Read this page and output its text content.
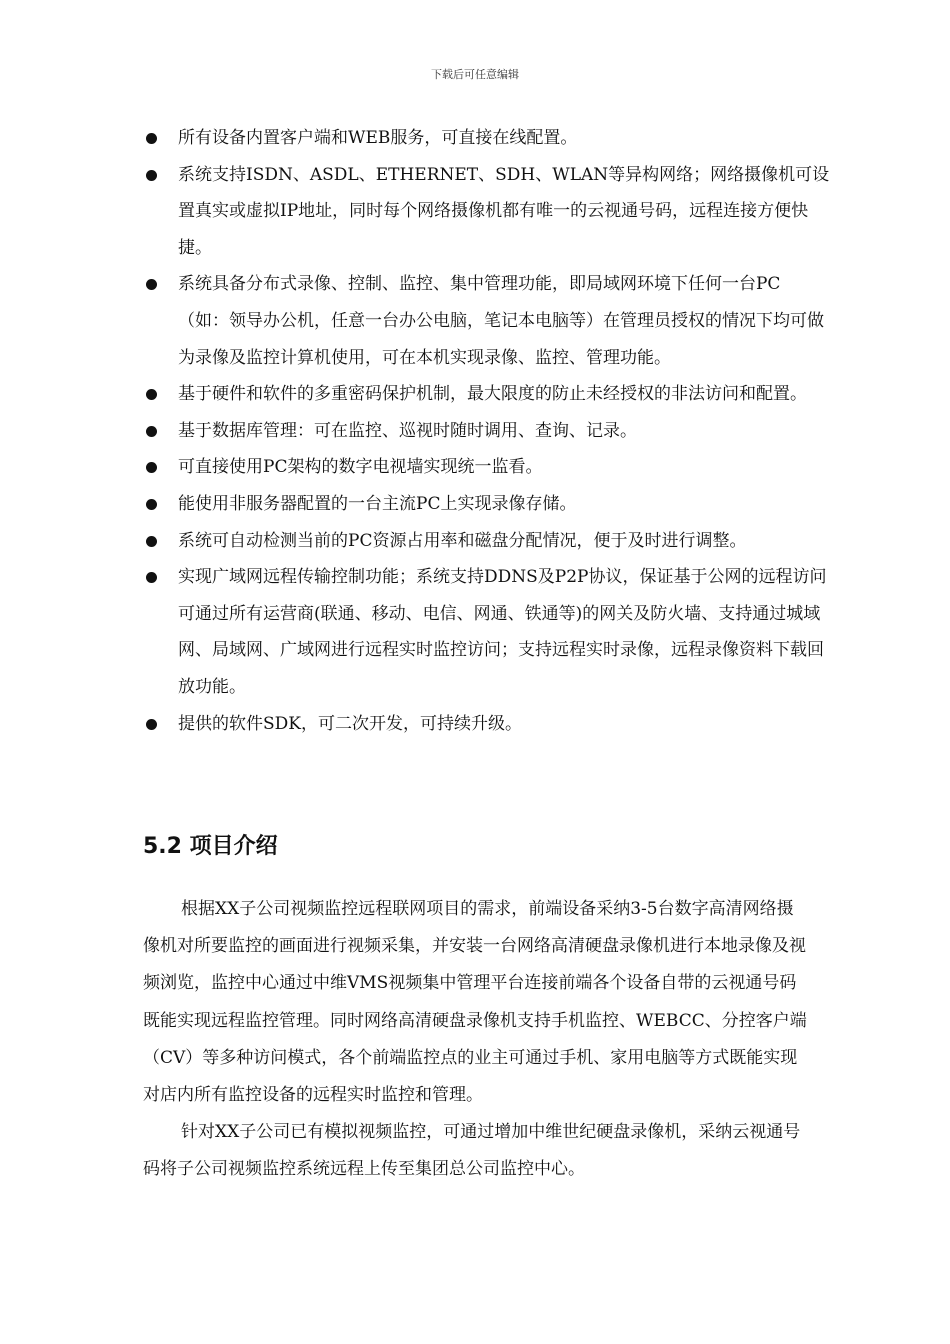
下载后可任意编辑
所有设备内置客户端和WEB服务，可直接在线配置。
系统支持ISDN、ASDL、ETHERNET、SDH、WLAN等异构网络；网络摄像机可设置真实或虚拟IP地址，同时每个网络摄像机都有唯一的云视通号码，远程连接方便快捷。
系统具备分布式录像、控制、监控、集中管理功能，即局域网环境下任何一台PC（如：领导办公机，任意一台办公电脑，笔记本电脑等）在管理员授权的情况下均可做为录像及监控计算机使用，可在本机实现录像、监控、管理功能。
基于硬件和软件的多重密码保护机制，最大限度的防止未经授权的非法访问和配置。
基于数据库管理：可在监控、巡视时随时调用、查询、记录。
可直接使用PC架构的数字电视墙实现统一监看。
能使用非服务器配置的一台主流PC上实现录像存储。
系统可自动检测当前的PC资源占用率和磁盘分配情况，便于及时进行调整。
实现广域网远程传输控制功能；系统支持DDNS及P2P协议，保证基于公网的远程访问可通过所有运营商(联通、移动、电信、网通、铁通等)的网关及防火墙、支持通过城域网、局域网、广域网进行远程实时监控访问；支持远程实时录像，远程录像资料下载回放功能。
提供的软件SDK，可二次开发，可持续升级。
5.2 项目介绍

根据XX子公司视频监控远程联网项目的需求，前端设备采纳3-5台数字高清网络摄像机对所要监控的画面进行视频采集，并安装一台网络高清硬盘录像机进行本地录像及视频浏览，监控中心通过中维VMS视频集中管理平台连接前端各个设备自带的云视通号码既能实现远程监控管理。同时网络高清硬盘录像机支持手机监控、WEBCC、分控客户端（CV）等多种访问模式，各个前端监控点的业主可通过手机、家用电脑等方式既能实现对店内所有监控设备的远程实时监控和管理。

针对XX子公司已有模拟视频监控，可通过增加中维世纪硬盘录像机，采纳云视通号码将子公司视频监控系统远程上传至集团总公司监控中心。
